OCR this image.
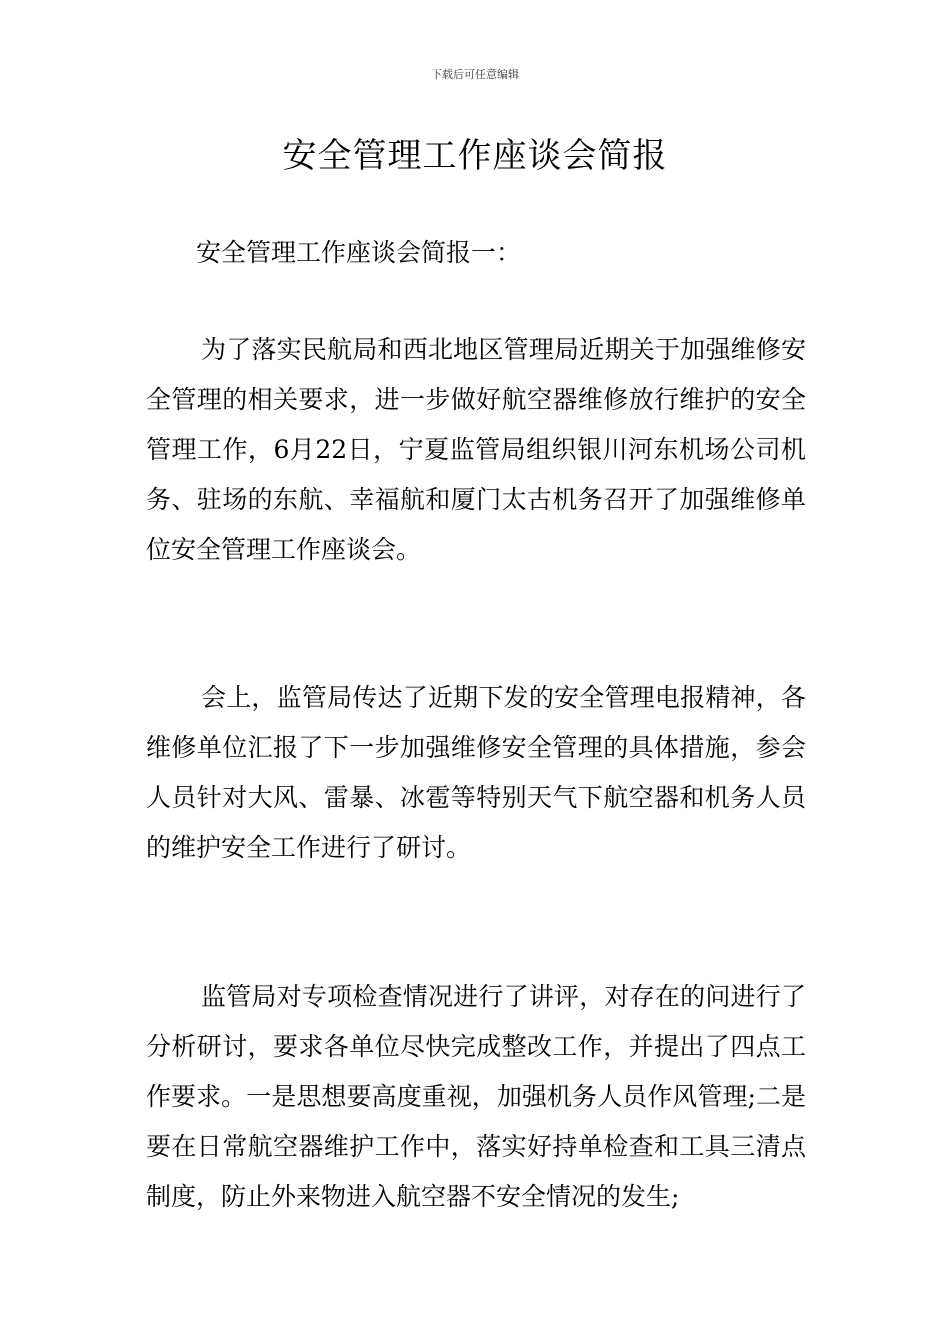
下载后可任意编辑
安全管理工作座谈会简报

安全管理工作座谈会简报一：

为了落实民航局和西北地区管理局近期关于加强维修安全管理的相关要求，进一步做好航空器维修放行维护的安全管理工作，6月22日，宁夏监管局组织银川河东机场公司机务、驻场的东航、幸福航和厦门太古机务召开了加强维修单位安全管理工作座谈会。

会上，监管局传达了近期下发的安全管理电报精神，各维修单位汇报了下一步加强维修安全管理的具体措施，参会人员针对大风、雷暴、冰雹等特别天气下航空器和机务人员的维护安全工作进行了研讨。

监管局对专项检查情况进行了讲评，对存在的问进行了分析研讨，要求各单位尽快完成整改工作，并提出了四点工作要求。一是思想要高度重视，加强机务人员作风管理;二是要在日常航空器维护工作中，落实好持单检查和工具三清点制度，防止外来物进入航空器不安全情况的发生;
